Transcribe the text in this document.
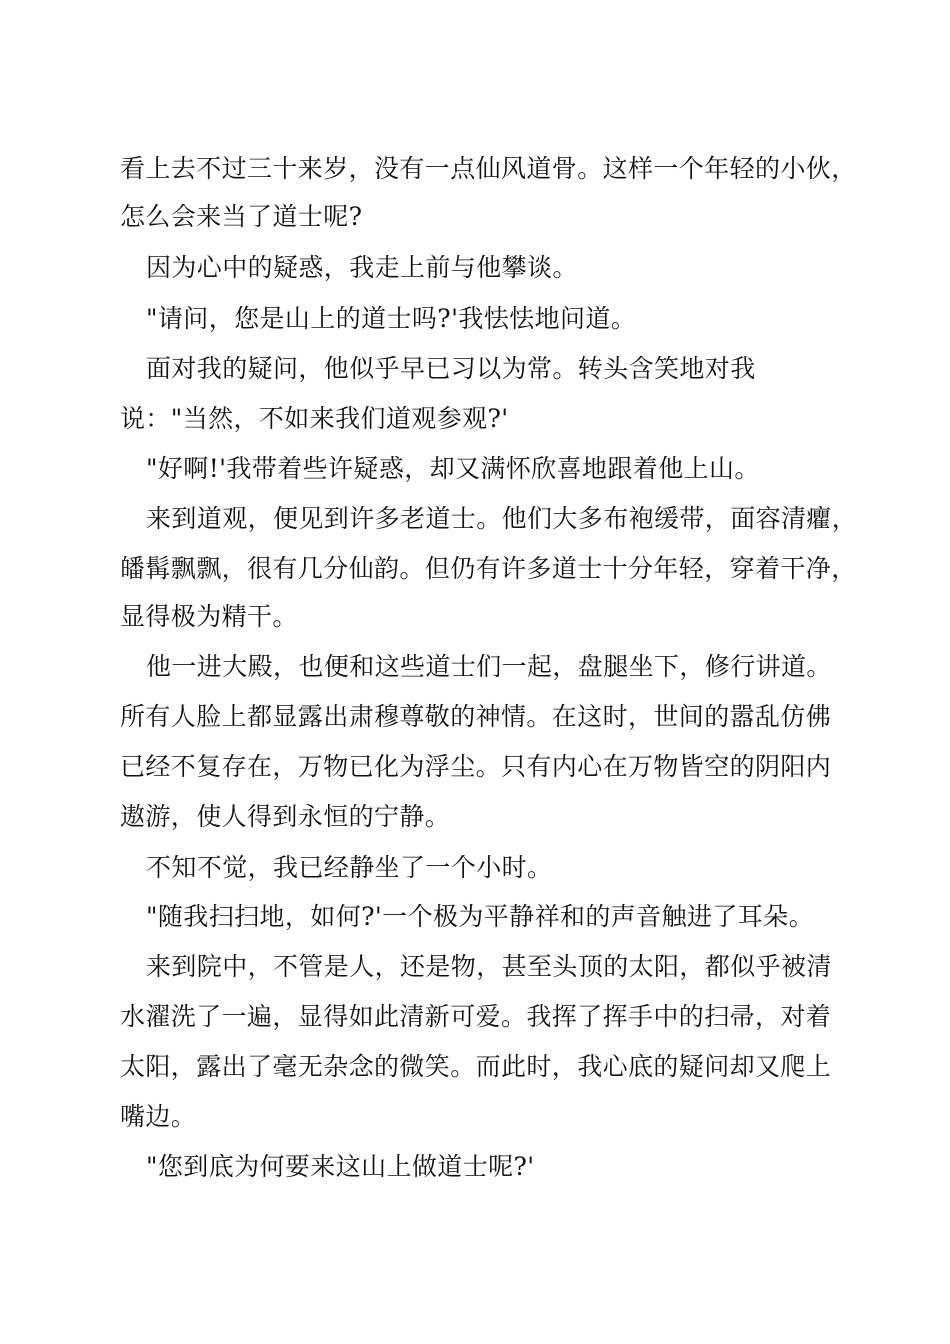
看上去不过三十来岁，没有一点仙风道骨。这样一个年轻的小伙，
怎么会来当了道士呢?
因为心中的疑惑，我走上前与他攀谈。
"请问，您是山上的道士吗?'我怯怯地问道。
面对我的疑问，他似乎早已习以为常。转头含笑地对我
说："当然，不如来我们道观参观?'
"好啊!'我带着些许疑惑，却又满怀欣喜地跟着他上山。
来到道观，便见到许多老道士。他们大多布袍缓带，面容清癯，
皤髯飘飘，很有几分仙韵。但仍有许多道士十分年轻，穿着干净，
显得极为精干。
他一进大殿，也便和这些道士们一起，盘腿坐下，修行讲道。
所有人脸上都显露出肃穆尊敬的神情。在这时，世间的嚣乱仿佛
已经不复存在，万物已化为浮尘。只有内心在万物皆空的阴阳内
遨游，使人得到永恒的宁静。
不知不觉，我已经静坐了一个小时。
"随我扫扫地，如何?'一个极为平静祥和的声音触进了耳朵。
来到院中，不管是人，还是物，甚至头顶的太阳，都似乎被清
水濯洗了一遍，显得如此清新可爱。我挥了挥手中的扫帚，对着
太阳，露出了毫无杂念的微笑。而此时，我心底的疑问却又爬上
嘴边。
"您到底为何要来这山上做道士呢?'
